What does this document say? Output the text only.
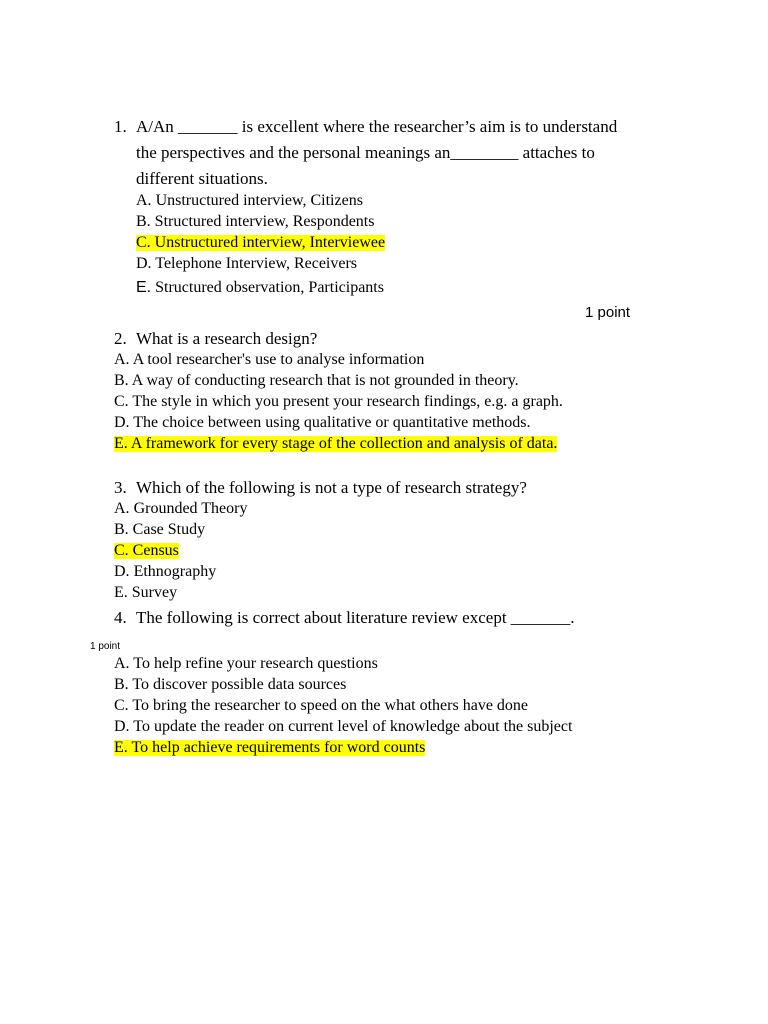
1. A/An _______ is excellent where the researcher’s aim is to understand
the perspectives and the personal meanings an________ attaches to
different situations.
A. Unstructured interview, Citizens
B. Structured interview, Respondents
C. Unstructured interview, Interviewee
D. Telephone Interview, Receivers
E. Structured observation, Participants
1 point
2. What is a research design?
A. A tool researcher's use to analyse information
B. A way of conducting research that is not grounded in theory.
C. The style in which you present your research findings, e.g. a graph.
D. The choice between using qualitative or quantitative methods.
E. A framework for every stage of the collection and analysis of data.
3. Which of the following is not a type of research strategy?
A. Grounded Theory
B. Case Study
C. Census
D. Ethnography
E. Survey
4. The following is correct about literature review except _______.
1 point
A. To help refine your research questions
B. To discover possible data sources
C. To bring the researcher to speed on the what others have done
D. To update the reader on current level of knowledge about the subject
E. To help achieve requirements for word counts
